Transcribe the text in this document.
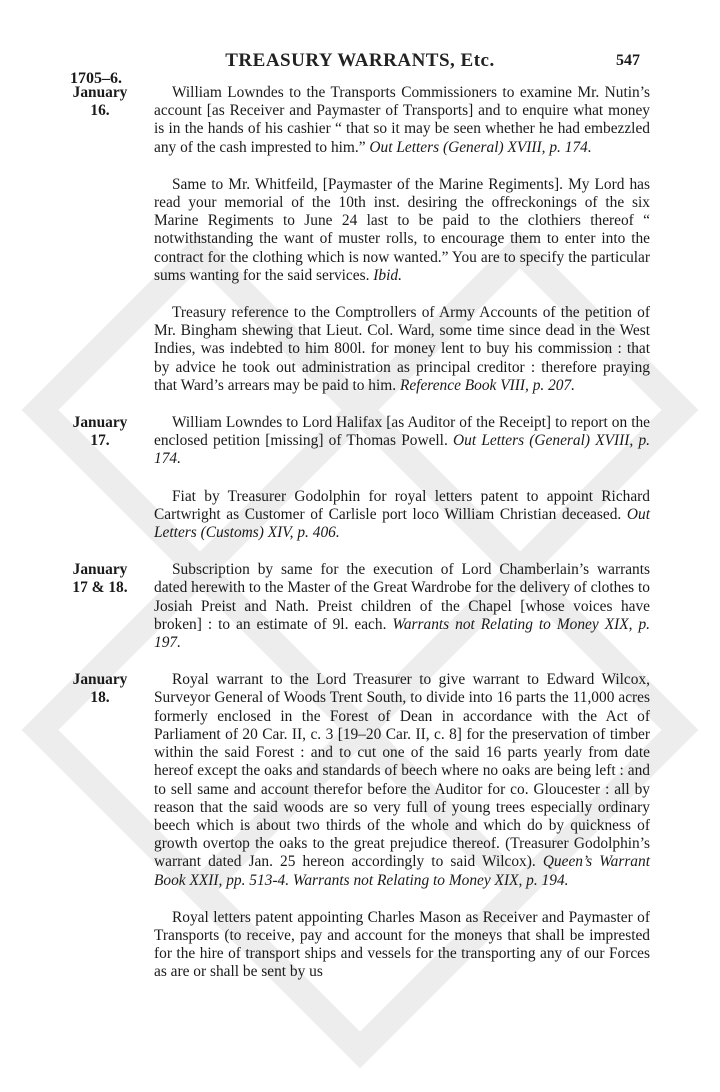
TREASURY WARRANTS, Etc.	547
1705–6.
January
16.

William Lowndes to the Transports Commissioners to examine Mr. Nutin’s account [as Receiver and Paymaster of Transports] and to enquire what money is in the hands of his cashier “ that so it may be seen whether he had embezzled any of the cash imprested to him.” Out Letters (General) XVIII, p. 174.

Same to Mr. Whitfeild, [Paymaster of the Marine Regiments]. My Lord has read your memorial of the 10th inst. desiring the offreckonings of the six Marine Regiments to June 24 last to be paid to the clothiers thereof “ notwithstanding the want of muster rolls, to encourage them to enter into the contract for the clothing which is now wanted.” You are to specify the particular sums wanting for the said services. Ibid.

Treasury reference to the Comptrollers of Army Accounts of the petition of Mr. Bingham shewing that Lieut. Col. Ward, some time since dead in the West Indies, was indebted to him 800l. for money lent to buy his commission : that by advice he took out administration as principal creditor : therefore praying that Ward’s arrears may be paid to him. Reference Book VIII, p. 207.

January
17.

William Lowndes to Lord Halifax [as Auditor of the Receipt] to report on the enclosed petition [missing] of Thomas Powell. Out Letters (General) XVIII, p. 174.

Fiat by Treasurer Godolphin for royal letters patent to appoint Richard Cartwright as Customer of Carlisle port loco William Christian deceased. Out Letters (Customs) XIV, p. 406.

January
17 & 18.

Subscription by same for the execution of Lord Chamberlain’s warrants dated herewith to the Master of the Great Wardrobe for the delivery of clothes to Josiah Preist and Nath. Preist children of the Chapel [whose voices have broken] : to an estimate of 9l. each. Warrants not Relating to Money XIX, p. 197.

January
18.

Royal warrant to the Lord Treasurer to give warrant to Edward Wilcox, Surveyor General of Woods Trent South, to divide into 16 parts the 11,000 acres formerly enclosed in the Forest of Dean in accordance with the Act of Parliament of 20 Car. II, c. 3 [19–20 Car. II, c. 8] for the preservation of timber within the said Forest : and to cut one of the said 16 parts yearly from date hereof except the oaks and standards of beech where no oaks are being left : and to sell same and account therefor before the Auditor for co. Gloucester : all by reason that the said woods are so very full of young trees especially ordinary beech which is about two thirds of the whole and which do by quickness of growth overtop the oaks to the great prejudice thereof. (Treasurer Godolphin’s warrant dated Jan. 25 hereon accordingly to said Wilcox). Queen’s Warrant Book XXII, pp. 513-4. Warrants not Relating to Money XIX, p. 194.

Royal letters patent appointing Charles Mason as Receiver and Paymaster of Transports (to receive, pay and account for the moneys that shall be imprested for the hire of transport ships and vessels for the transporting any of our Forces as are or shall be sent by us
